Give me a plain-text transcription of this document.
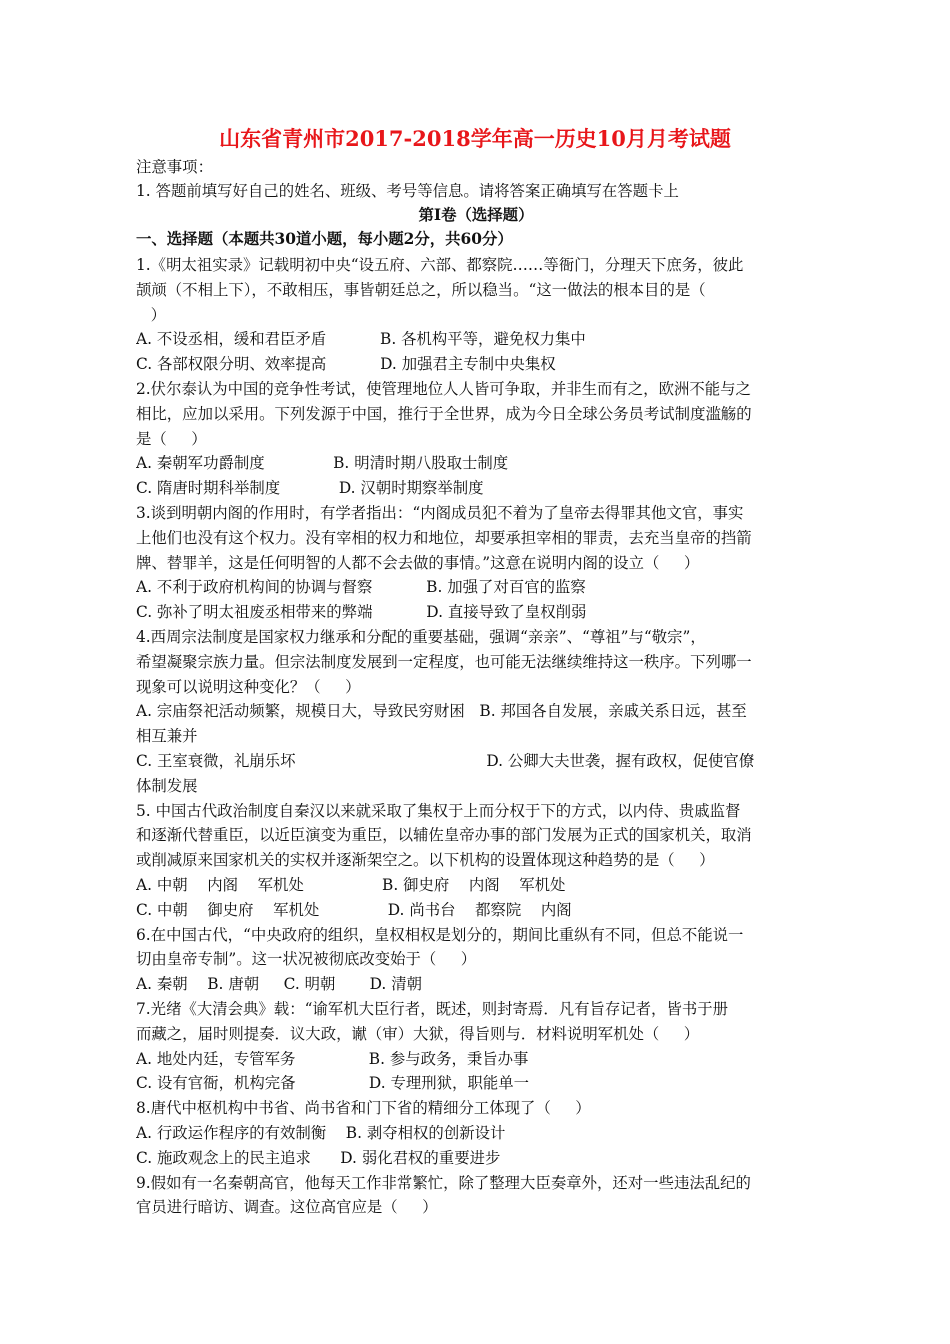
山东省青州市2017-2018学年高一历史10月月考试题
注意事项：
1. 答题前填写好自己的姓名、班级、考号等信息。请将答案正确填写在答题卡上
第Ⅰ卷（选择题）
一、选择题（本题共30道小题，每小题2分，共60分）
1.《明太祖实录》记载明初中央“设五府、六部、都察院……等衙门，分理天下庶务，彼此
颉颃（不相上下），不敢相压，事皆朝廷总之，所以稳当。“这一做法的根本目的是（
）
A. 不设丞相，缓和君臣矛盾           B. 各机构平等，避免权力集中
C. 各部权限分明、效率提高           D. 加强君主专制中央集权
2.伏尔泰认为中国的竞争性考试，使管理地位人人皆可争取，并非生而有之，欧洲不能与之
相比，应加以采用。下列发源于中国，推行于全世界，成为今日全球公务员考试制度滥觞的
是（     ）
A. 秦朝军功爵制度              B. 明清时期八股取士制度
C. 隋唐时期科举制度            D. 汉朝时期察举制度
3.谈到明朝内阁的作用时，有学者指出：“内阁成员犯不着为了皇帝去得罪其他文官，事实
上他们也没有这个权力。没有宰相的权力和地位，却要承担宰相的罪责，去充当皇帝的挡箭
牌、替罪羊，这是任何明智的人都不会去做的事情。”这意在说明内阁的设立（     ）
A. 不利于政府机构间的协调与督察           B. 加强了对百官的监察
C. 弥补了明太祖废丞相带来的弊端           D. 直接导致了皇权削弱
4.西周宗法制度是国家权力继承和分配的重要基础，强调“亲亲”、“尊祖”与“敬宗”，
希望凝聚宗族力量。但宗法制度发展到一定程度，也可能无法继续维持这一秩序。下列哪一
现象可以说明这种变化？（     ）
A. 宗庙祭祀活动频繁，规模日大，导致民穷财困   B. 邦国各自发展，亲戚关系日远，甚至
相互兼并
C. 王室衰微，礼崩乐坏                                       D. 公卿大夫世袭，握有政权，促使官僚
体制发展
5. 中国古代政治制度自秦汉以来就采取了集权于上而分权于下的方式，以内侍、贵戚监督
和逐渐代替重臣，以近臣演变为重臣，以辅佐皇帝办事的部门发展为正式的国家机关，取消
或削减原来国家机关的实权并逐渐架空之。以下机构的设置体现这种趋势的是（     ）
A. 中朝    内阁    军机处                B. 御史府    内阁    军机处
C. 中朝    御史府    军机处              D. 尚书台    都察院    内阁
6.在中国古代，“中央政府的组织，皇权相权是划分的，期间比重纵有不同，但总不能说一
切由皇帝专制”。这一状况被彻底改变始于（     ）
A. 秦朝    B. 唐朝     C. 明朝       D. 清朝
7.光绪《大清会典》载：“谕军机大臣行者，既述，则封寄焉．凡有旨存记者，皆书于册
而藏之，届时则提奏．议大政，谳（审）大狱，得旨则与．材料说明军机处（     ）
A. 地处内廷，专管军务               B. 参与政务，秉旨办事
C. 设有官衙，机构完备               D. 专理刑狱，职能单一
8.唐代中枢机构中书省、尚书省和门下省的精细分工体现了（     ）
A. 行政运作程序的有效制衡    B. 剥夺相权的创新设计
C. 施政观念上的民主追求      D. 弱化君权的重要进步
9.假如有一名秦朝高官，他每天工作非常繁忙，除了整理大臣奏章外，还对一些违法乱纪的
官员进行暗访、调查。这位高官应是（     ）
